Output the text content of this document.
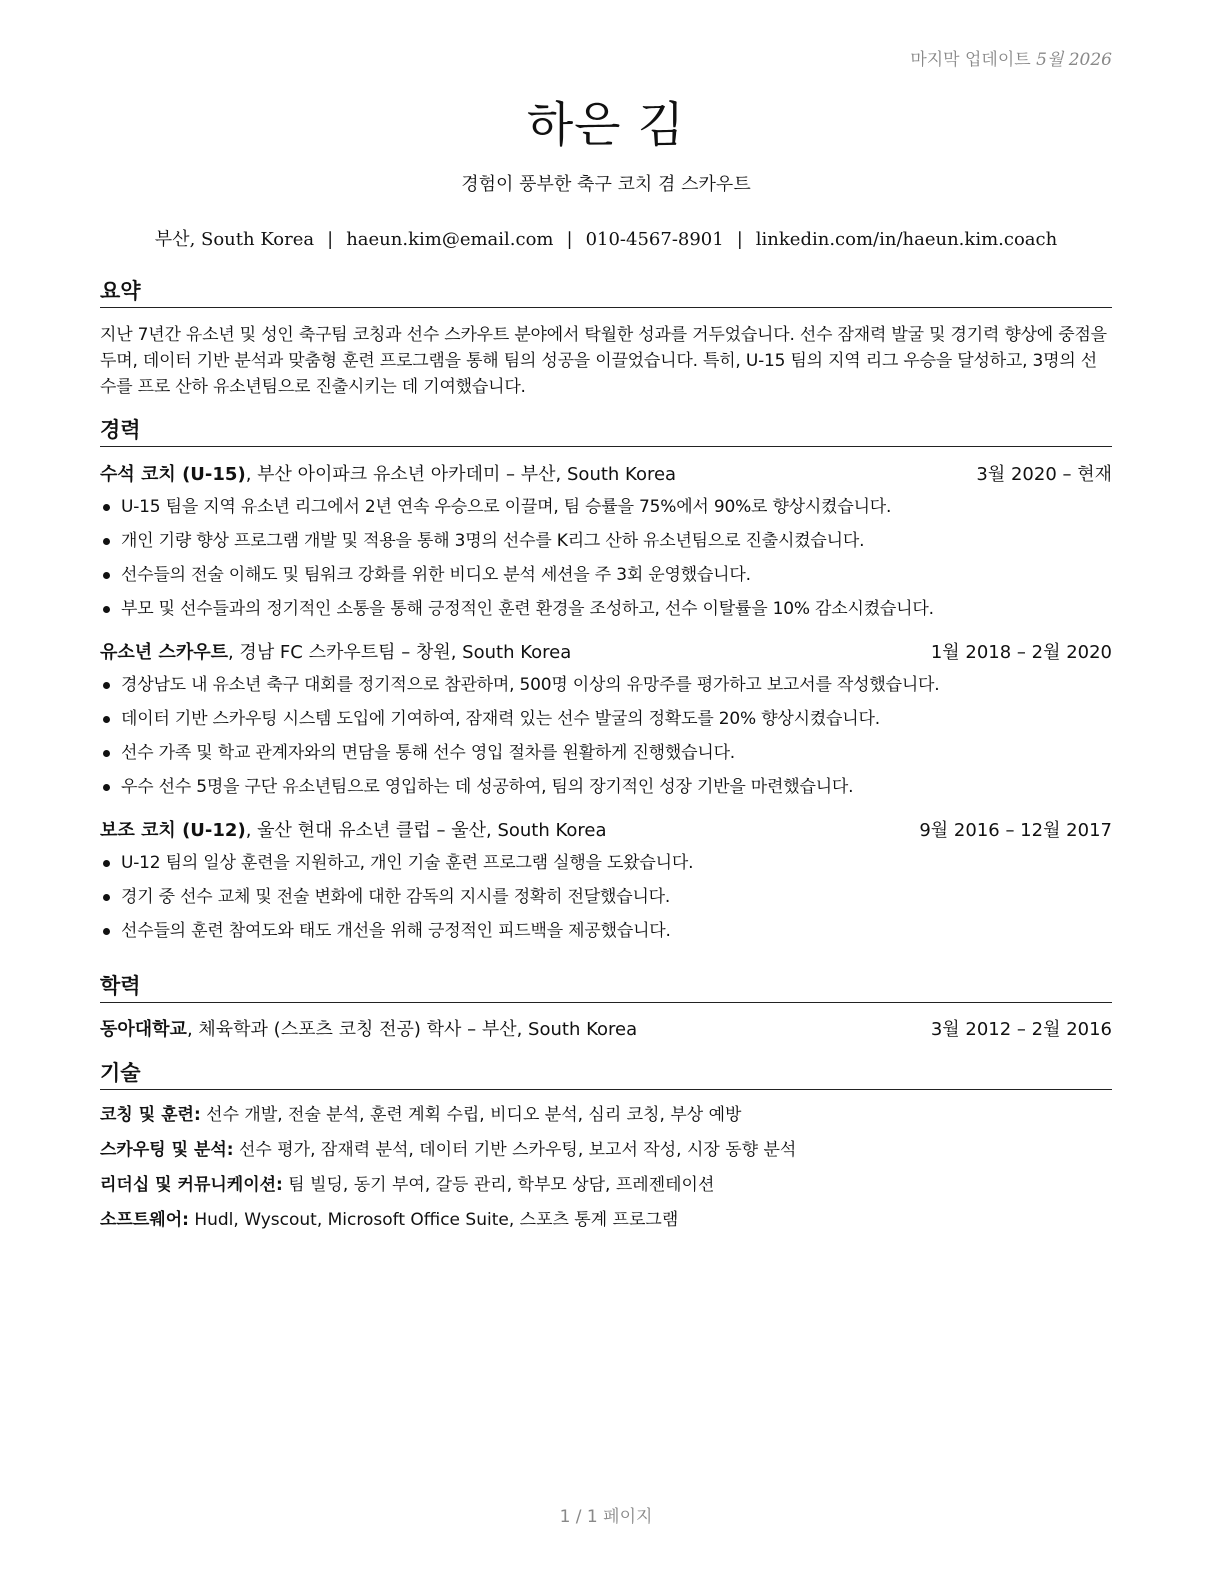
마지막 업데이트 5월 2026
하은 김
경험이 풍부한 축구 코치 겸 스카우트
부산, South Korea | haeun.kim@email.com | 010-4567-8901 | linkedin.com/in/haeun.kim.coach
요약
지난 7년간 유소년 및 성인 축구팀 코칭과 선수 스카우트 분야에서 탁월한 성과를 거두었습니다. 선수 잠재력 발굴 및 경기력 향상에 중점을 두며, 데이터 기반 분석과 맞춤형 훈련 프로그램을 통해 팀의 성공을 이끌었습니다. 특히, U-15 팀의 지역 리그 우승을 달성하고, 3명의 선수를 프로 산하 유소년팀으로 진출시키는 데 기여했습니다.
경력
수석 코치 (U-15), 부산 아이파크 유소년 아카데미 – 부산, South Korea	3월 2020 – 현재
U-15 팀을 지역 유소년 리그에서 2년 연속 우승으로 이끌며, 팀 승률을 75%에서 90%로 향상시켰습니다.
개인 기량 향상 프로그램 개발 및 적용을 통해 3명의 선수를 K리그 산하 유소년팀으로 진출시켰습니다.
선수들의 전술 이해도 및 팀워크 강화를 위한 비디오 분석 세션을 주 3회 운영했습니다.
부모 및 선수들과의 정기적인 소통을 통해 긍정적인 훈련 환경을 조성하고, 선수 이탈률을 10% 감소시켰습니다.
유소년 스카우트, 경남 FC 스카우트팀 – 창원, South Korea	1월 2018 – 2월 2020
경상남도 내 유소년 축구 대회를 정기적으로 참관하며, 500명 이상의 유망주를 평가하고 보고서를 작성했습니다.
데이터 기반 스카우팅 시스템 도입에 기여하여, 잠재력 있는 선수 발굴의 정확도를 20% 향상시켰습니다.
선수 가족 및 학교 관계자와의 면담을 통해 선수 영입 절차를 원활하게 진행했습니다.
우수 선수 5명을 구단 유소년팀으로 영입하는 데 성공하여, 팀의 장기적인 성장 기반을 마련했습니다.
보조 코치 (U-12), 울산 현대 유소년 클럽 – 울산, South Korea	9월 2016 – 12월 2017
U-12 팀의 일상 훈련을 지원하고, 개인 기술 훈련 프로그램 실행을 도왔습니다.
경기 중 선수 교체 및 전술 변화에 대한 감독의 지시를 정확히 전달했습니다.
선수들의 훈련 참여도와 태도 개선을 위해 긍정적인 피드백을 제공했습니다.
학력
동아대학교, 체육학과 (스포츠 코칭 전공) 학사 – 부산, South Korea	3월 2012 – 2월 2016
기술
코칭 및 훈련: 선수 개발, 전술 분석, 훈련 계획 수립, 비디오 분석, 심리 코칭, 부상 예방
스카우팅 및 분석: 선수 평가, 잠재력 분석, 데이터 기반 스카우팅, 보고서 작성, 시장 동향 분석
리더십 및 커뮤니케이션: 팀 빌딩, 동기 부여, 갈등 관리, 학부모 상담, 프레젠테이션
소프트웨어: Hudl, Wyscout, Microsoft Office Suite, 스포츠 통계 프로그램
1 / 1 페이지
